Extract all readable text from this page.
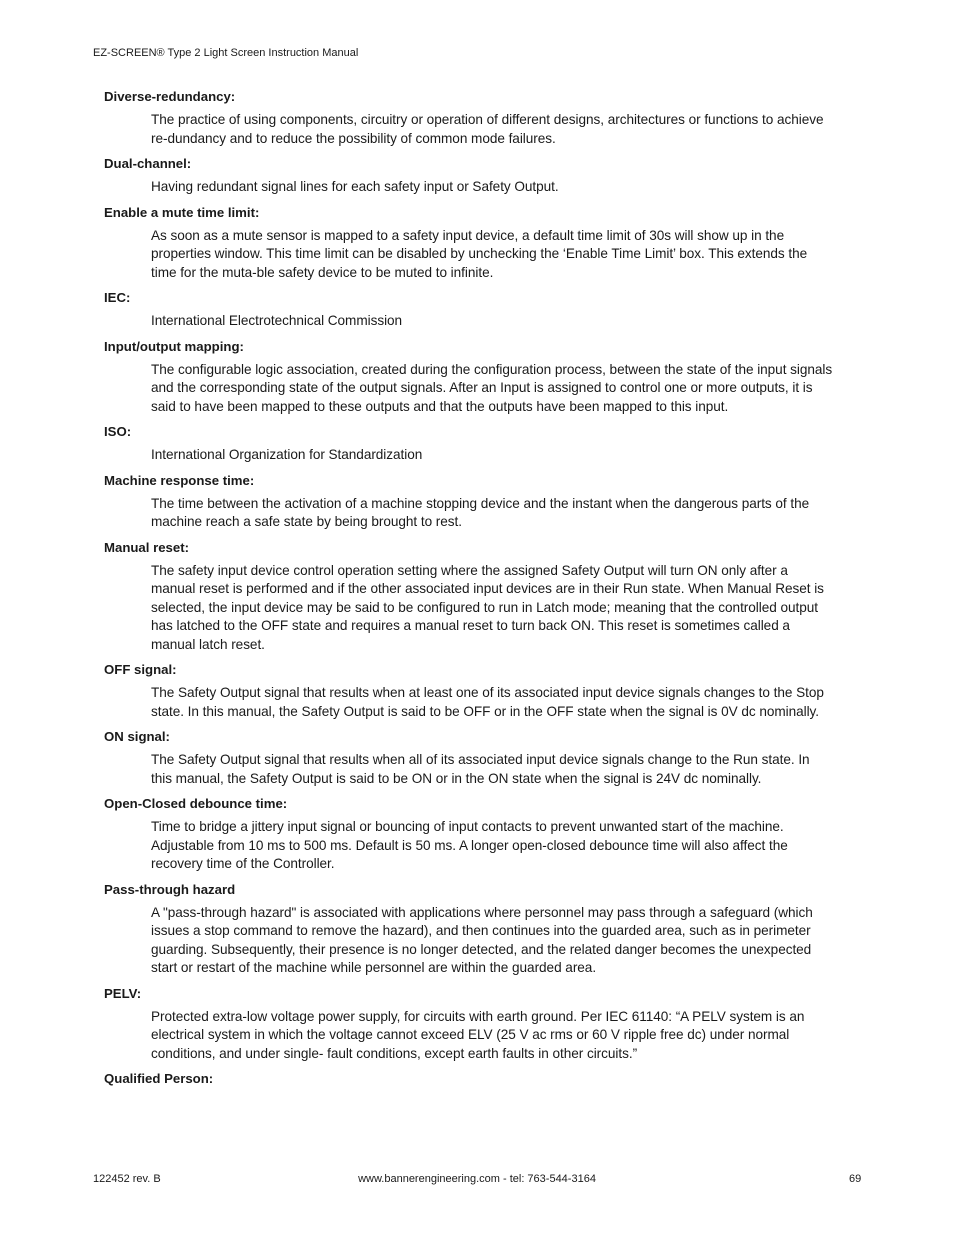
EZ-SCREEN® Type 2 Light Screen Instruction Manual
Diverse-redundancy:
The practice of using components, circuitry or operation of different designs, architectures or functions to achieve re-dundancy and to reduce the possibility of common mode failures.
Dual-channel:
Having redundant signal lines for each safety input or Safety Output.
Enable a mute time limit:
As soon as a mute sensor is mapped to a safety input device, a default time limit of 30s will show up in the properties window. This time limit can be disabled by unchecking the ‘Enable Time Limit’ box. This extends the time for the muta-ble safety device to be muted to infinite.
IEC:
International Electrotechnical Commission
Input/output mapping:
The configurable logic association, created during the configuration process, between the state of the input signals and the corresponding state of the output signals. After an Input is assigned to control one or more outputs, it is said to have been mapped to these outputs and that the outputs have been mapped to this input.
ISO:
International Organization for Standardization
Machine response time:
The time between the activation of a machine stopping device and the instant when the dangerous parts of the machine reach a safe state by being brought to rest.
Manual reset:
The safety input device control operation setting where the assigned Safety Output will turn ON only after a manual reset is performed and if the other associated input devices are in their Run state. When Manual Reset is selected, the input device may be said to be configured to run in Latch mode; meaning that the controlled output has latched to the OFF state and requires a manual reset to turn back ON. This reset is sometimes called a manual latch reset.
OFF signal:
The Safety Output signal that results when at least one of its associated input device signals changes to the Stop state. In this manual, the Safety Output is said to be OFF or in the OFF state when the signal is 0V dc nominally.
ON signal:
The Safety Output signal that results when all of its associated input device signals change to the Run state. In this manual, the Safety Output is said to be ON or in the ON state when the signal is 24V dc nominally.
Open-Closed debounce time:
Time to bridge a jittery input signal or bouncing of input contacts to prevent unwanted start of the machine. Adjustable from 10 ms to 500 ms. Default is 50 ms. A longer open-closed debounce time will also affect the recovery time of the Controller.
Pass-through hazard
A "pass-through hazard" is associated with applications where personnel may pass through a safeguard (which issues a stop command to remove the hazard), and then continues into the guarded area, such as in perimeter guarding. Subsequently, their presence is no longer detected, and the related danger becomes the unexpected start or restart of the machine while personnel are within the guarded area.
PELV:
Protected extra-low voltage power supply, for circuits with earth ground. Per IEC 61140: “A PELV system is an electrical system in which the voltage cannot exceed ELV (25 V ac rms or 60 V ripple free dc) under normal conditions, and under single- fault conditions, except earth faults in other circuits.”
Qualified Person:
122452 rev. B	www.bannerengineering.com - tel: 763-544-3164	69
